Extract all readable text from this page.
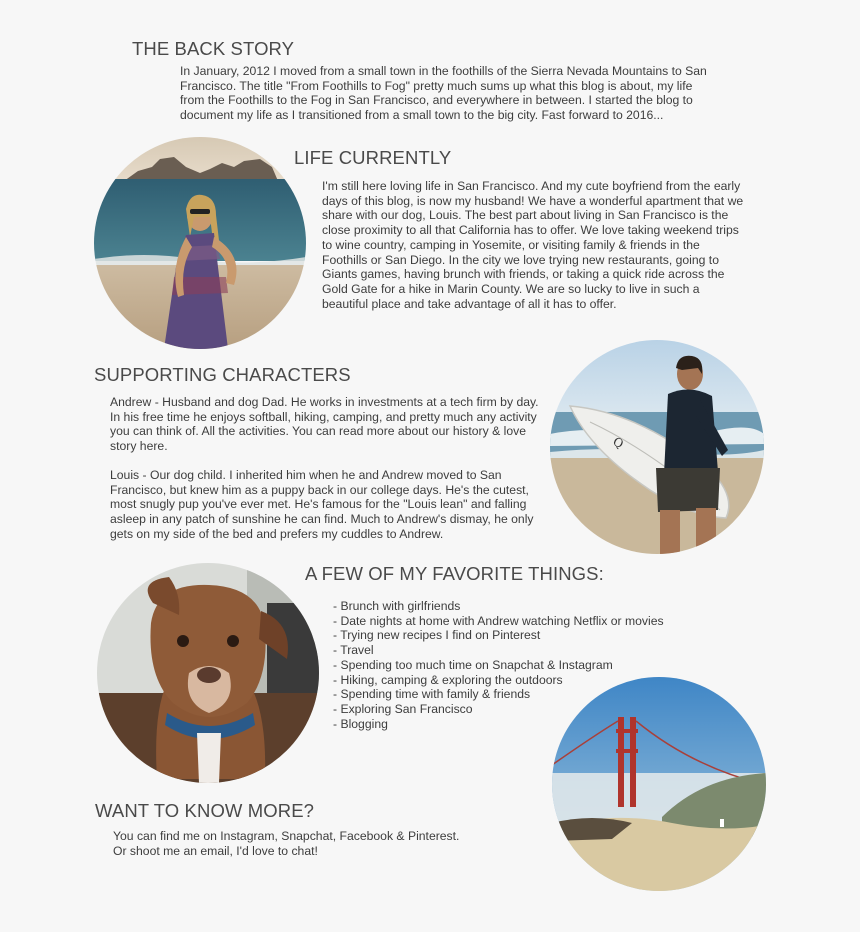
THE BACK STORY
In January, 2012 I moved from a small town in the foothills of the Sierra Nevada Mountains to San
Francisco. The title "From Foothills to Fog" pretty much sums up what this blog is about, my life
from the Foothills to the Fog in San Francisco, and everywhere in between. I started the blog to
document my life as I transitioned from a small town to the big city. Fast forward to 2016...
LIFE CURRENTLY
I'm still here loving life in San Francisco. And my cute boyfriend from the early
days of this blog, is now my husband! We have a wonderful apartment that we
share with our dog, Louis. The best part about living in San Francisco is the
close proximity to all that California has to offer. We love taking weekend trips
to wine country, camping in Yosemite, or visiting family & friends in the
Foothills or San Diego. In the city we love trying new restaurants, going to
Giants games, having brunch with friends, or taking a quick ride across the
Gold Gate for a hike in Marin County. We are so lucky to live in such a
beautiful place and take advantage of all it has to offer.
SUPPORTING CHARACTERS
Andrew - Husband and dog Dad. He works in investments at a tech firm by day.
In his free time he enjoys softball, hiking, camping, and pretty much any activity
you can think of. All the activities. You can read more about our history & love
story here.
Louis - Our dog child. I inherited him when he and Andrew moved to San
Francisco, but knew him as a puppy back in our college days. He's the cutest,
most snugly pup you've ever met. He's famous for the "Louis lean" and falling
asleep in any patch of sunshine he can find. Much to Andrew's dismay, he only
gets on my side of the bed and prefers my cuddles to Andrew.
Q
A FEW OF MY FAVORITE THINGS:
- Brunch with girlfriends
- Date nights at home with Andrew watching Netflix or movies
- Trying new recipes I find on Pinterest
- Travel
- Spending too much time on Snapchat & Instagram
- Hiking, camping & exploring the outdoors
- Spending time with family & friends
- Exploring San Francisco
- Blogging
WANT TO KNOW MORE?
You can find me on Instagram, Snapchat, Facebook & Pinterest.
Or shoot me an email, I'd love to chat!
